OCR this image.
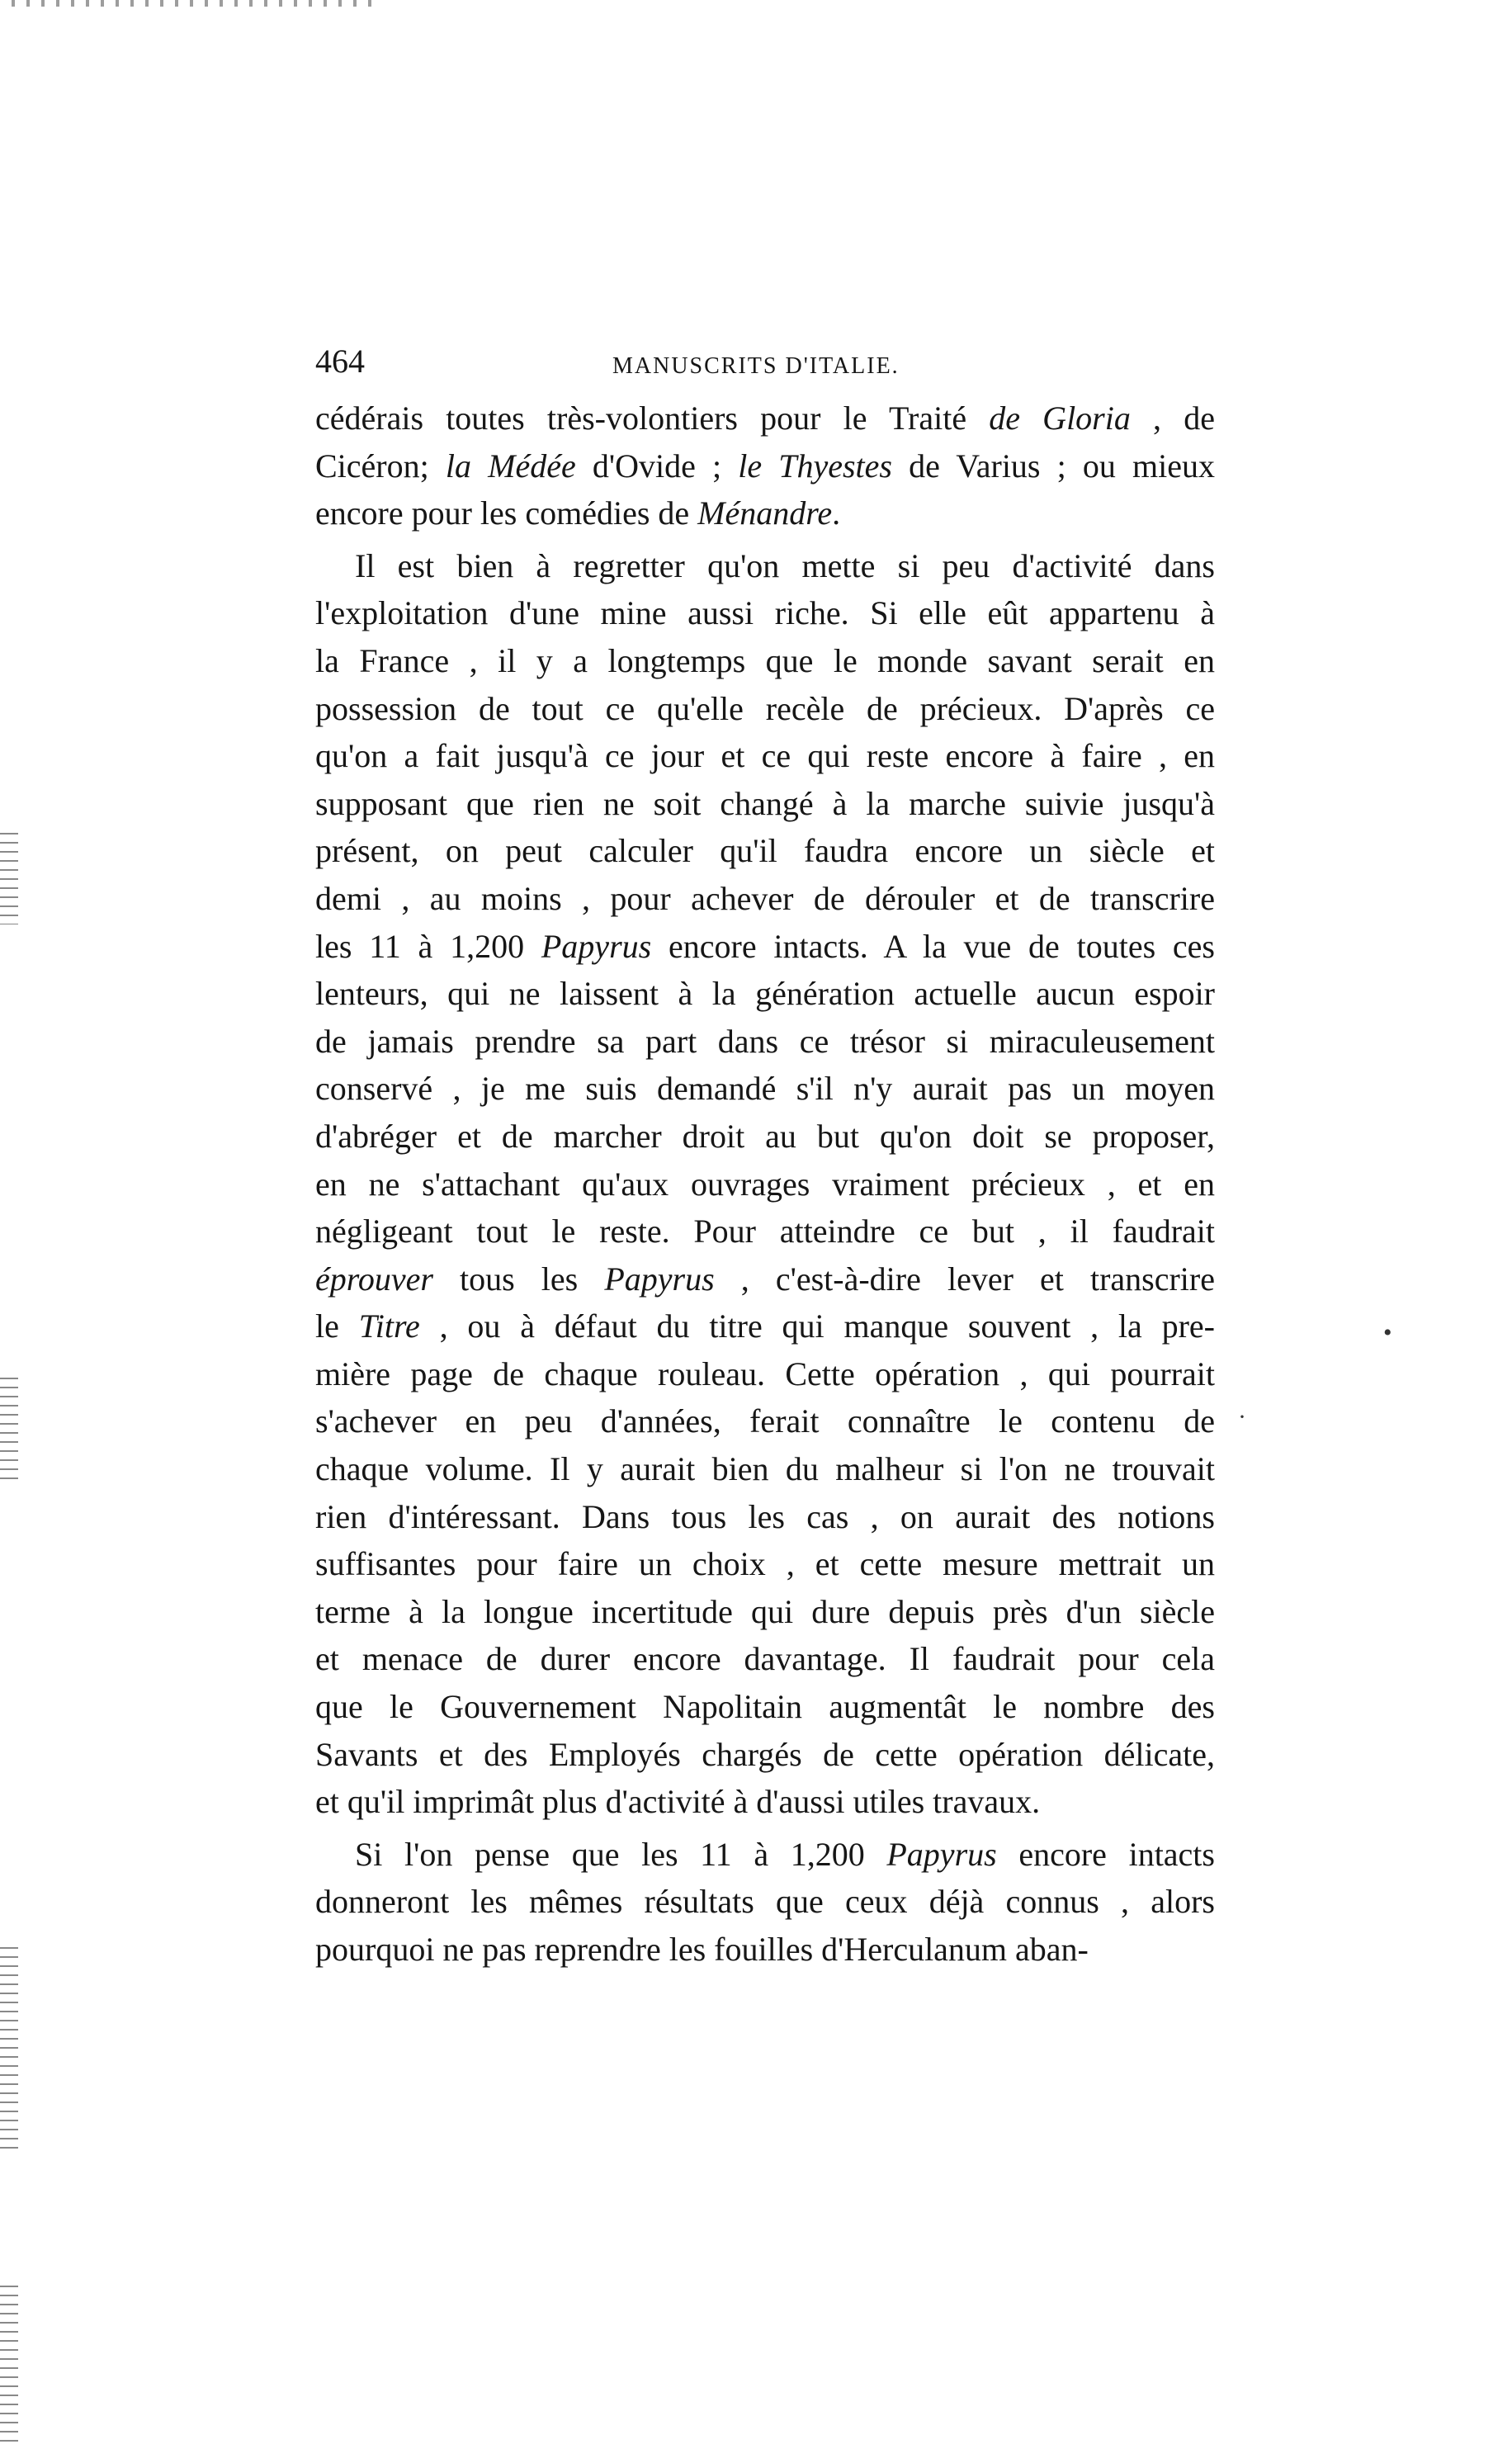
464	MANUSCRITS D'ITALIE.
cédérais toutes très-volontiers pour le Traité de Gloria , de
Cicéron; la Médée d'Ovide ; le Thyestes de Varius ; ou mieux
encore pour les comédies de Ménandre.
Il est bien à regretter qu'on mette si peu d'activité dans
l'exploitation d'une mine aussi riche. Si elle eût appartenu à
la France , il y a longtemps que le monde savant serait en
possession de tout ce qu'elle recèle de précieux. D'après ce
qu'on a fait jusqu'à ce jour et ce qui reste encore à faire , en
supposant que rien ne soit changé à la marche suivie jusqu'à
présent, on peut calculer qu'il faudra encore un siècle et
demi , au moins , pour achever de dérouler et de transcrire
les 11 à 1,200 Papyrus encore intacts. A la vue de toutes ces
lenteurs, qui ne laissent à la génération actuelle aucun espoir
de jamais prendre sa part dans ce trésor si miraculeusement
conservé , je me suis demandé s'il n'y aurait pas un moyen
d'abréger et de marcher droit au but qu'on doit se proposer,
en ne s'attachant qu'aux ouvrages vraiment précieux , et en
négligeant tout le reste. Pour atteindre ce but , il faudrait
éprouver tous les Papyrus , c'est-à-dire lever et transcrire
le Titre , ou à défaut du titre qui manque souvent , la pre-
mière page de chaque rouleau. Cette opération , qui pourrait
s'achever en peu d'années, ferait connaître le contenu de
chaque volume. Il y aurait bien du malheur si l'on ne trouvait
rien d'intéressant. Dans tous les cas , on aurait des notions
suffisantes pour faire un choix , et cette mesure mettrait un
terme à la longue incertitude qui dure depuis près d'un siècle
et menace de durer encore davantage. Il faudrait pour cela
que le Gouvernement Napolitain augmentât le nombre des
Savants et des Employés chargés de cette opération délicate,
et qu'il imprimât plus d'activité à d'aussi utiles travaux.
Si l'on pense que les 11 à 1,200 Papyrus encore intacts
donneront les mêmes résultats que ceux déjà connus , alors
pourquoi ne pas reprendre les fouilles d'Herculanum aban-
•
·
